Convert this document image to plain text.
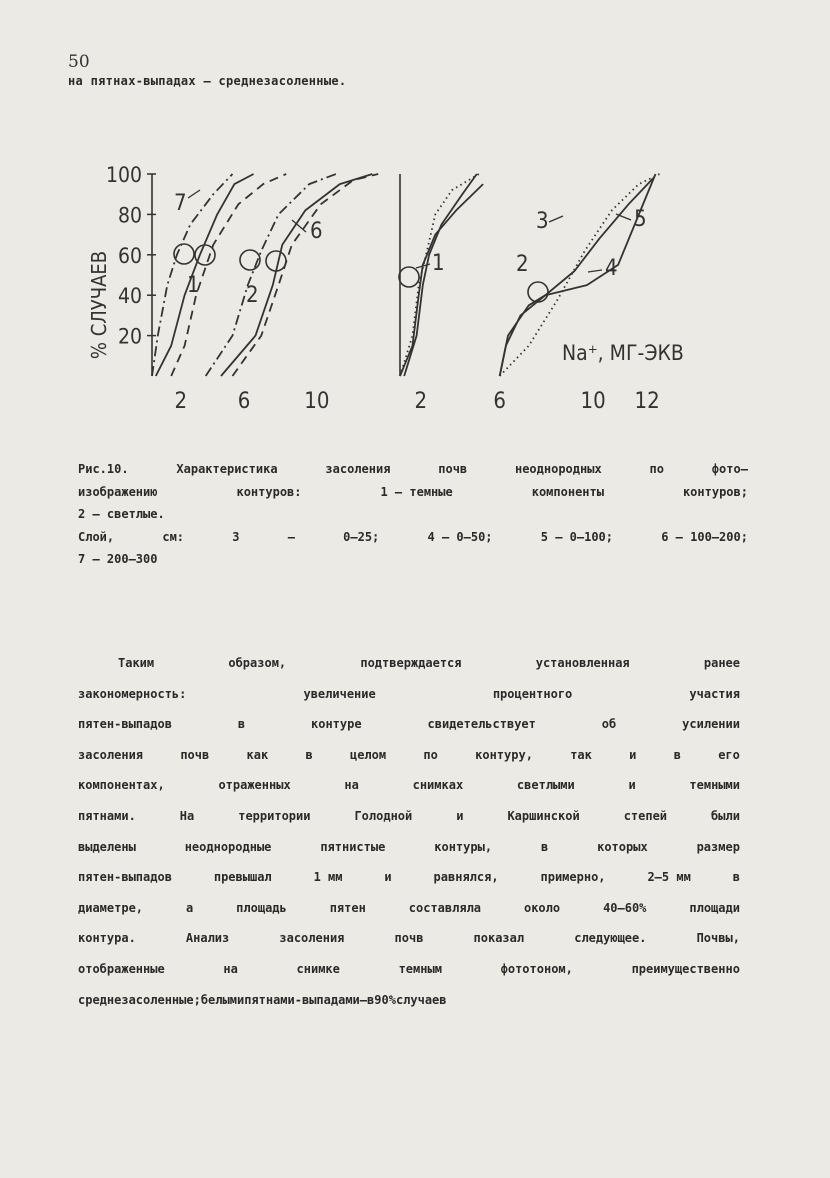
50
на пятнах-выпадах – среднезасоленные.
2 6 10
100
80
60
40
20
2	6	10 12
% СЛУЧАЕВ	Na⁺, МГ-ЭКВ
7
1 2
6
1	2
3
4
5
Рис.10.	Характеристика	засоления	почв	неоднородных	по	фото–
изображению	контуров:	1 – темные	компоненты	контуров;
2 – светлые.
Слой,	см:	3	–	0–25;	4 – 0–50;	5 – 0–100;	6 – 100–200;
7 – 200–300
Таким	образом,	подтверждается	установленная	ранее
закономерность:	увеличение	процентного	участия
пятен-выпадов	в	контуре	свидетельствует	об	усилении
засоления	почв	как	в	целом	по	контуру,	так	и	в	его
компонентах,	отраженных	на	снимках	светлыми	и	темными
пятнами.	На	территории	Голодной	и	Каршинской	степей	были
выделены	неоднородные	пятнистые	контуры,	в	которых	размер
пятен-выпадов	превышал	1 мм	и	равнялся,	примерно,	2–5 мм	в
диаметре,	а	площадь	пятен	составляла	около	40–60%	площади
контура.	Анализ	засоления	почв	показал	следующее.	Почвы,
отображенные	на	снимке	темным	фототоном,	преимущественно
среднезасоленные; белыми пятнами-выпадами – в 90% случаев
